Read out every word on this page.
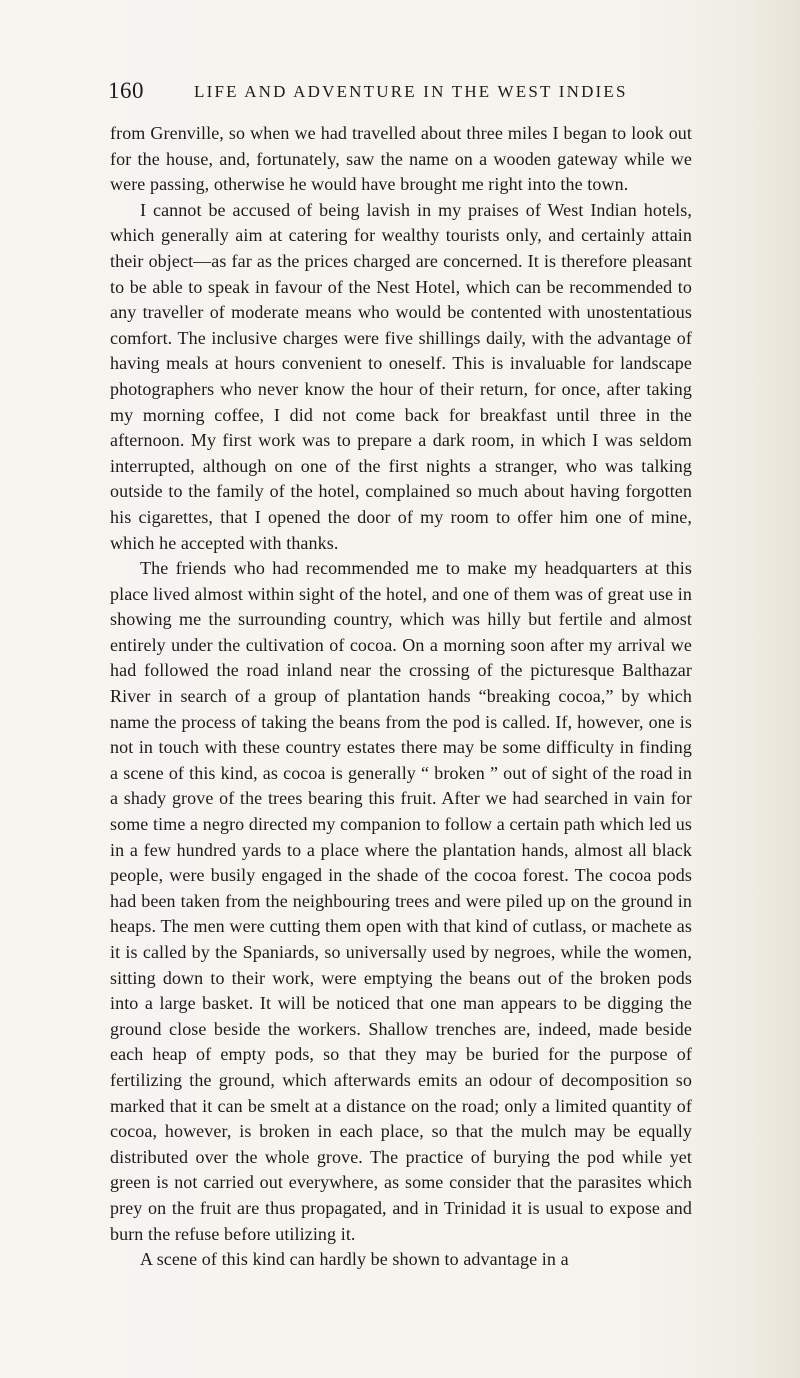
160	LIFE AND ADVENTURE IN THE WEST INDIES

from Grenville, so when we had travelled about three miles I began to look out for the house, and, fortunately, saw the name on a wooden gateway while we were passing, otherwise he would have brought me right into the town.

I cannot be accused of being lavish in my praises of West Indian hotels, which generally aim at catering for wealthy tourists only, and certainly attain their object—as far as the prices charged are concerned. It is therefore pleasant to be able to speak in favour of the Nest Hotel, which can be recommended to any traveller of moderate means who would be contented with unostentatious comfort. The inclusive charges were five shillings daily, with the advantage of having meals at hours convenient to oneself. This is invaluable for landscape photographers who never know the hour of their return, for once, after taking my morning coffee, I did not come back for breakfast until three in the afternoon. My first work was to prepare a dark room, in which I was seldom interrupted, although on one of the first nights a stranger, who was talking outside to the family of the hotel, complained so much about having forgotten his cigarettes, that I opened the door of my room to offer him one of mine, which he accepted with thanks.

The friends who had recommended me to make my headquarters at this place lived almost within sight of the hotel, and one of them was of great use in showing me the surrounding country, which was hilly but fertile and almost entirely under the cultivation of cocoa. On a morning soon after my arrival we had followed the road inland near the crossing of the picturesque Balthazar River in search of a group of plantation hands “breaking cocoa,” by which name the process of taking the beans from the pod is called. If, however, one is not in touch with these country estates there may be some difficulty in finding a scene of this kind, as cocoa is generally “ broken ” out of sight of the road in a shady grove of the trees bearing this fruit. After we had searched in vain for some time a negro directed my companion to follow a certain path which led us in a few hundred yards to a place where the plantation hands, almost all black people, were busily engaged in the shade of the cocoa forest. The cocoa pods had been taken from the neighbouring trees and were piled up on the ground in heaps. The men were cutting them open with that kind of cutlass, or machete as it is called by the Spaniards, so universally used by negroes, while the women, sitting down to their work, were emptying the beans out of the broken pods into a large basket. It will be noticed that one man appears to be digging the ground close beside the workers. Shallow trenches are, indeed, made beside each heap of empty pods, so that they may be buried for the purpose of fertilizing the ground, which afterwards emits an odour of decomposition so marked that it can be smelt at a distance on the road; only a limited quantity of cocoa, however, is broken in each place, so that the mulch may be equally distributed over the whole grove. The practice of burying the pod while yet green is not carried out everywhere, as some consider that the parasites which prey on the fruit are thus propagated, and in Trinidad it is usual to expose and burn the refuse before utilizing it.

A scene of this kind can hardly be shown to advantage in a
